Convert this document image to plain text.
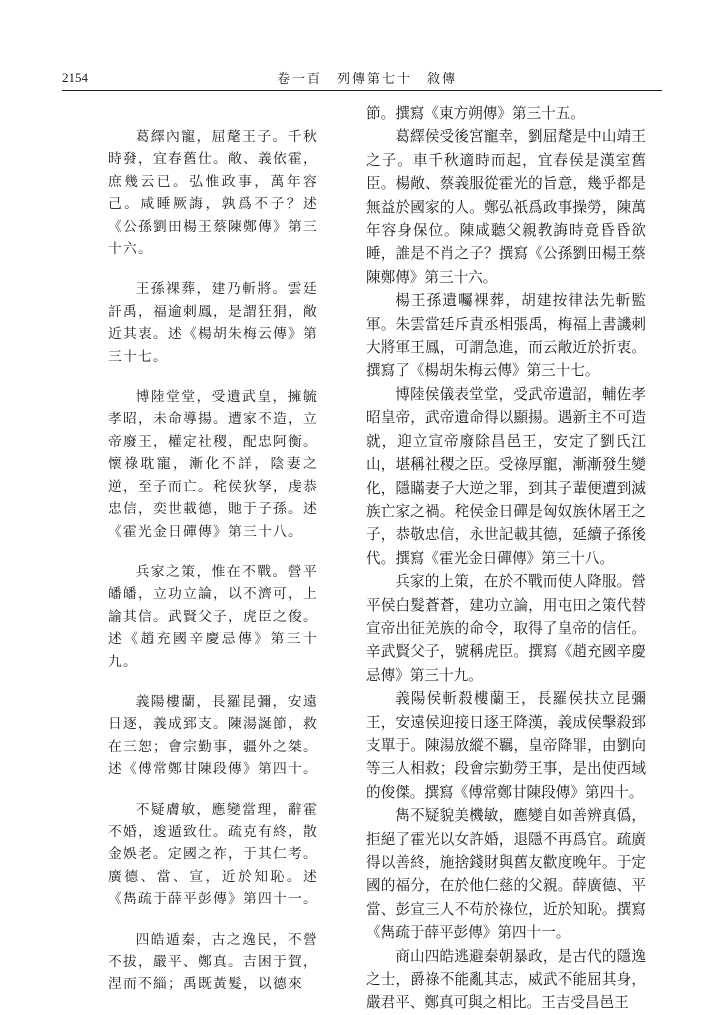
2154	卷一百　列傳第七十　敘傳

葛繹內寵，屈氂王子。千秋時發，宜春舊仕。敞、義依霍，庶幾云已。弘惟政事，萬年容己。咸睡厥誨，孰爲不子？述《公孫劉田楊王蔡陳鄭傳》第三十六。

王孫裸葬，建乃斬將。雲廷訐禹，福逾刺鳳，是謂狂狷，敞近其衷。述《楊胡朱梅云傳》第三十七。

博陸堂堂，受遺武皇，擁毓孝昭，未命導揚。遭家不造，立帝廢王，權定社稷，配忠阿衡。懷祿耽寵，漸化不詳，陰妻之逆，至子而亡。秺侯狄孥，虔恭忠信，奕世載德，貤于子孫。述《霍光金日磾傳》第三十八。

兵家之策，惟在不戰。營平皤皤，立功立論，以不濟可，上諭其信。武賢父子，虎臣之俊。述《趙充國辛慶忌傳》第三十九。

義陽樓蘭，長羅昆彌，安遠日逐，義成郅支。陳湯誕節，救在三恕；會宗勤事，疆外之桀。述《傅常鄭甘陳段傳》第四十。

不疑膚敏，應變當理，辭霍不婚，逡遁致仕。疏克有終，散金娛老。定國之祚，于其仁考。廣德、當、宣，近於知恥。述《雋疏于薛平彭傳》第四十一。

四皓遁秦，古之逸民，不營不拔，嚴平、鄭真。吉困于賀，涅而不緇；禹既黃髮，以德來

節。撰寫《東方朔傳》第三十五。

葛繹侯受後宮寵幸，劉屈氂是中山靖王之子。車千秋適時而起，宜春侯是漢室舊臣。楊敞、蔡義服從霍光的旨意，幾乎都是無益於國家的人。鄭弘祇爲政事操勞，陳萬年容身保位。陳咸聽父親教誨時竟昏昏欲睡，誰是不肖之子？撰寫《公孫劉田楊王蔡陳鄭傳》第三十六。

楊王孫遺囑裸葬，胡建按律法先斬監軍。朱雲當廷斥責丞相張禹，梅福上書譏刺大將軍王鳳，可謂急進，而云敞近於折衷。撰寫了《楊胡朱梅云傳》第三十七。

博陸侯儀表堂堂，受武帝遺詔，輔佐孝昭皇帝，武帝遺命得以顯揚。遇新主不可造就，迎立宣帝廢除昌邑王，安定了劉氏江山，堪稱社稷之臣。受祿厚寵，漸漸發生變化，隱瞞妻子大逆之罪，到其子輩便遭到滅族亡家之禍。秺侯金日磾是匈奴族休屠王之子，恭敬忠信，永世記載其德，延續子孫後代。撰寫《霍光金日磾傳》第三十八。

兵家的上策，在於不戰而使人降服。營平侯白髮蒼蒼，建功立論，用屯田之策代替宣帝出征羌族的命令，取得了皇帝的信任。辛武賢父子，號稱虎臣。撰寫《趙充國辛慶忌傳》第三十九。

義陽侯斬殺樓蘭王，長羅侯扶立昆彌王，安遠侯迎接日逐王降漢，義成侯擊殺郅支單于。陳湯放縱不羈，皇帝降罪，由劉向等三人相救；段會宗勤勞王事，是出使西域的俊傑。撰寫《傅常鄭甘陳段傳》第四十。

雋不疑貌美機敏，應變自如善辨真僞，拒絕了霍光以女許婚，退隱不再爲官。疏廣得以善終，施捨錢財與舊友歡度晚年。于定國的福分，在於他仁慈的父親。薛廣德、平當、彭宣三人不苟於祿位，近於知恥。撰寫《雋疏于薛平彭傳》第四十一。

商山四皓逃避秦朝暴政，是古代的隱逸之士，爵祿不能亂其志，威武不能屈其身，嚴君平、鄭真可與之相比。王吉受昌邑王
